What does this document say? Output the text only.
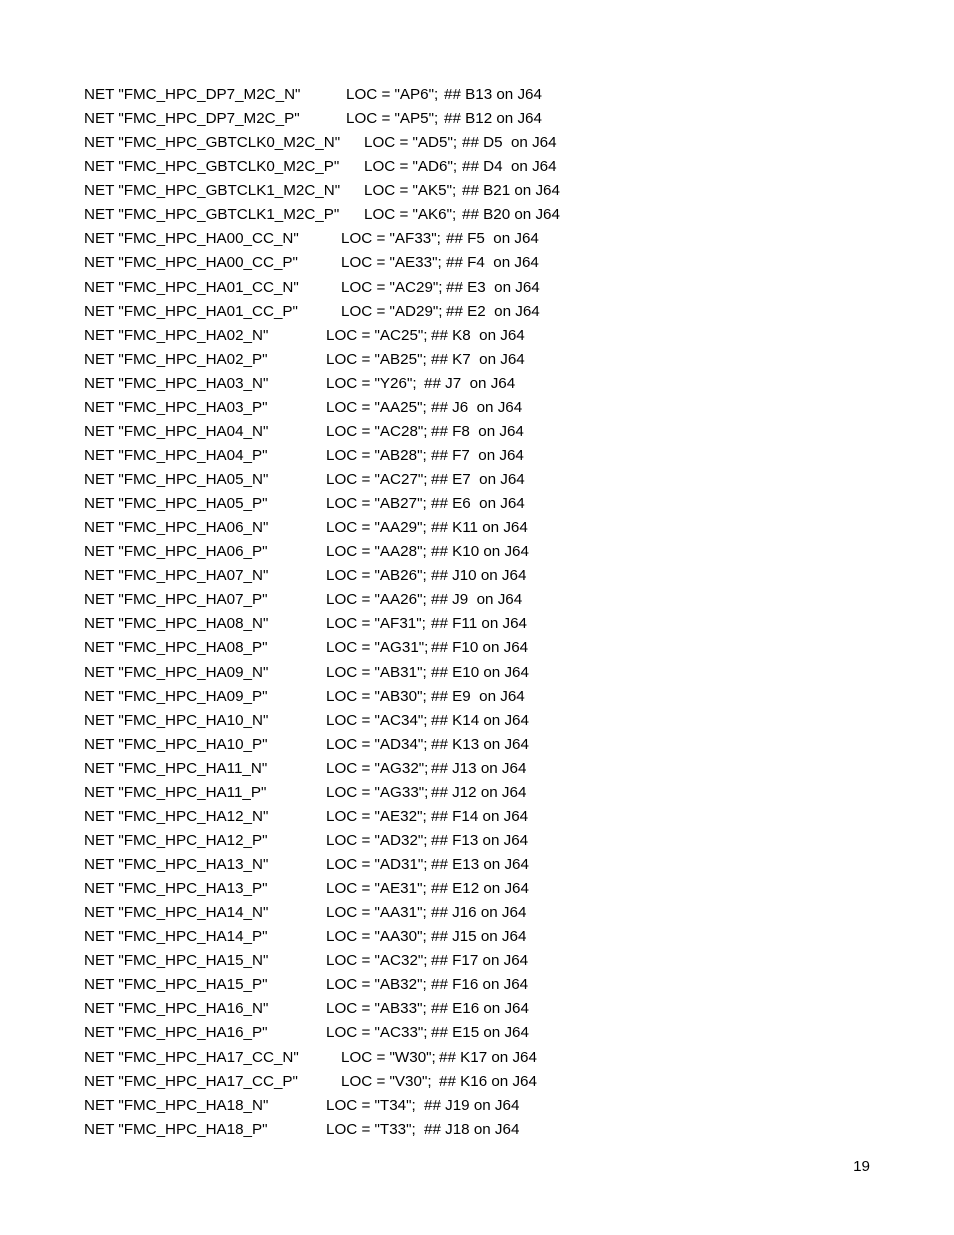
NET "FMC_HPC_DP7_M2C_N"	LOC = "AP6"; ## B13 on J64
NET "FMC_HPC_DP7_M2C_P"	LOC = "AP5"; ## B12 on J64
NET "FMC_HPC_GBTCLK0_M2C_N" LOC = "AD5"; ## D5  on J64
NET "FMC_HPC_GBTCLK0_M2C_P" LOC = "AD6"; ## D4  on J64
NET "FMC_HPC_GBTCLK1_M2C_N" LOC = "AK5"; ## B21 on J64
NET "FMC_HPC_GBTCLK1_M2C_P" LOC = "AK6"; ## B20 on J64
NET "FMC_HPC_HA00_CC_N"	LOC = "AF33"; ## F5  on J64
NET "FMC_HPC_HA00_CC_P"	LOC = "AE33"; ## F4  on J64
NET "FMC_HPC_HA01_CC_N"	LOC = "AC29"; ## E3  on J64
NET "FMC_HPC_HA01_CC_P"	LOC = "AD29"; ## E2  on J64
NET "FMC_HPC_HA02_N"	LOC = "AC25"; ## K8  on J64
NET "FMC_HPC_HA02_P"	LOC = "AB25"; ## K7  on J64
NET "FMC_HPC_HA03_N"	LOC = "Y26"; ## J7  on J64
NET "FMC_HPC_HA03_P"	LOC = "AA25"; ## J6  on J64
NET "FMC_HPC_HA04_N"	LOC = "AC28"; ## F8  on J64
NET "FMC_HPC_HA04_P"	LOC = "AB28"; ## F7  on J64
NET "FMC_HPC_HA05_N"	LOC = "AC27"; ## E7  on J64
NET "FMC_HPC_HA05_P"	LOC = "AB27"; ## E6  on J64
NET "FMC_HPC_HA06_N"	LOC = "AA29"; ## K11 on J64
NET "FMC_HPC_HA06_P"	LOC = "AA28"; ## K10 on J64
NET "FMC_HPC_HA07_N"	LOC = "AB26"; ## J10 on J64
NET "FMC_HPC_HA07_P"	LOC = "AA26"; ## J9  on J64
NET "FMC_HPC_HA08_N"	LOC = "AF31"; ## F11 on J64
NET "FMC_HPC_HA08_P"	LOC = "AG31"; ## F10 on J64
NET "FMC_HPC_HA09_N"	LOC = "AB31"; ## E10 on J64
NET "FMC_HPC_HA09_P"	LOC = "AB30"; ## E9  on J64
NET "FMC_HPC_HA10_N"	LOC = "AC34"; ## K14 on J64
NET "FMC_HPC_HA10_P"	LOC = "AD34"; ## K13 on J64
NET "FMC_HPC_HA11_N"	LOC = "AG32"; ## J13 on J64
NET "FMC_HPC_HA11_P"	LOC = "AG33"; ## J12 on J64
NET "FMC_HPC_HA12_N"	LOC = "AE32"; ## F14 on J64
NET "FMC_HPC_HA12_P"	LOC = "AD32"; ## F13 on J64
NET "FMC_HPC_HA13_N"	LOC = "AD31"; ## E13 on J64
NET "FMC_HPC_HA13_P"	LOC = "AE31"; ## E12 on J64
NET "FMC_HPC_HA14_N"	LOC = "AA31"; ## J16 on J64
NET "FMC_HPC_HA14_P"	LOC = "AA30"; ## J15 on J64
NET "FMC_HPC_HA15_N"	LOC = "AC32"; ## F17 on J64
NET "FMC_HPC_HA15_P"	LOC = "AB32"; ## F16 on J64
NET "FMC_HPC_HA16_N"	LOC = "AB33"; ## E16 on J64
NET "FMC_HPC_HA16_P"	LOC = "AC33"; ## E15 on J64
NET "FMC_HPC_HA17_CC_N"	LOC = "W30"; ## K17 on J64
NET "FMC_HPC_HA17_CC_P"	LOC = "V30"; ## K16 on J64
NET "FMC_HPC_HA18_N"	LOC = "T34"; ## J19 on J64
NET "FMC_HPC_HA18_P"	LOC = "T33"; ## J18 on J64
19
